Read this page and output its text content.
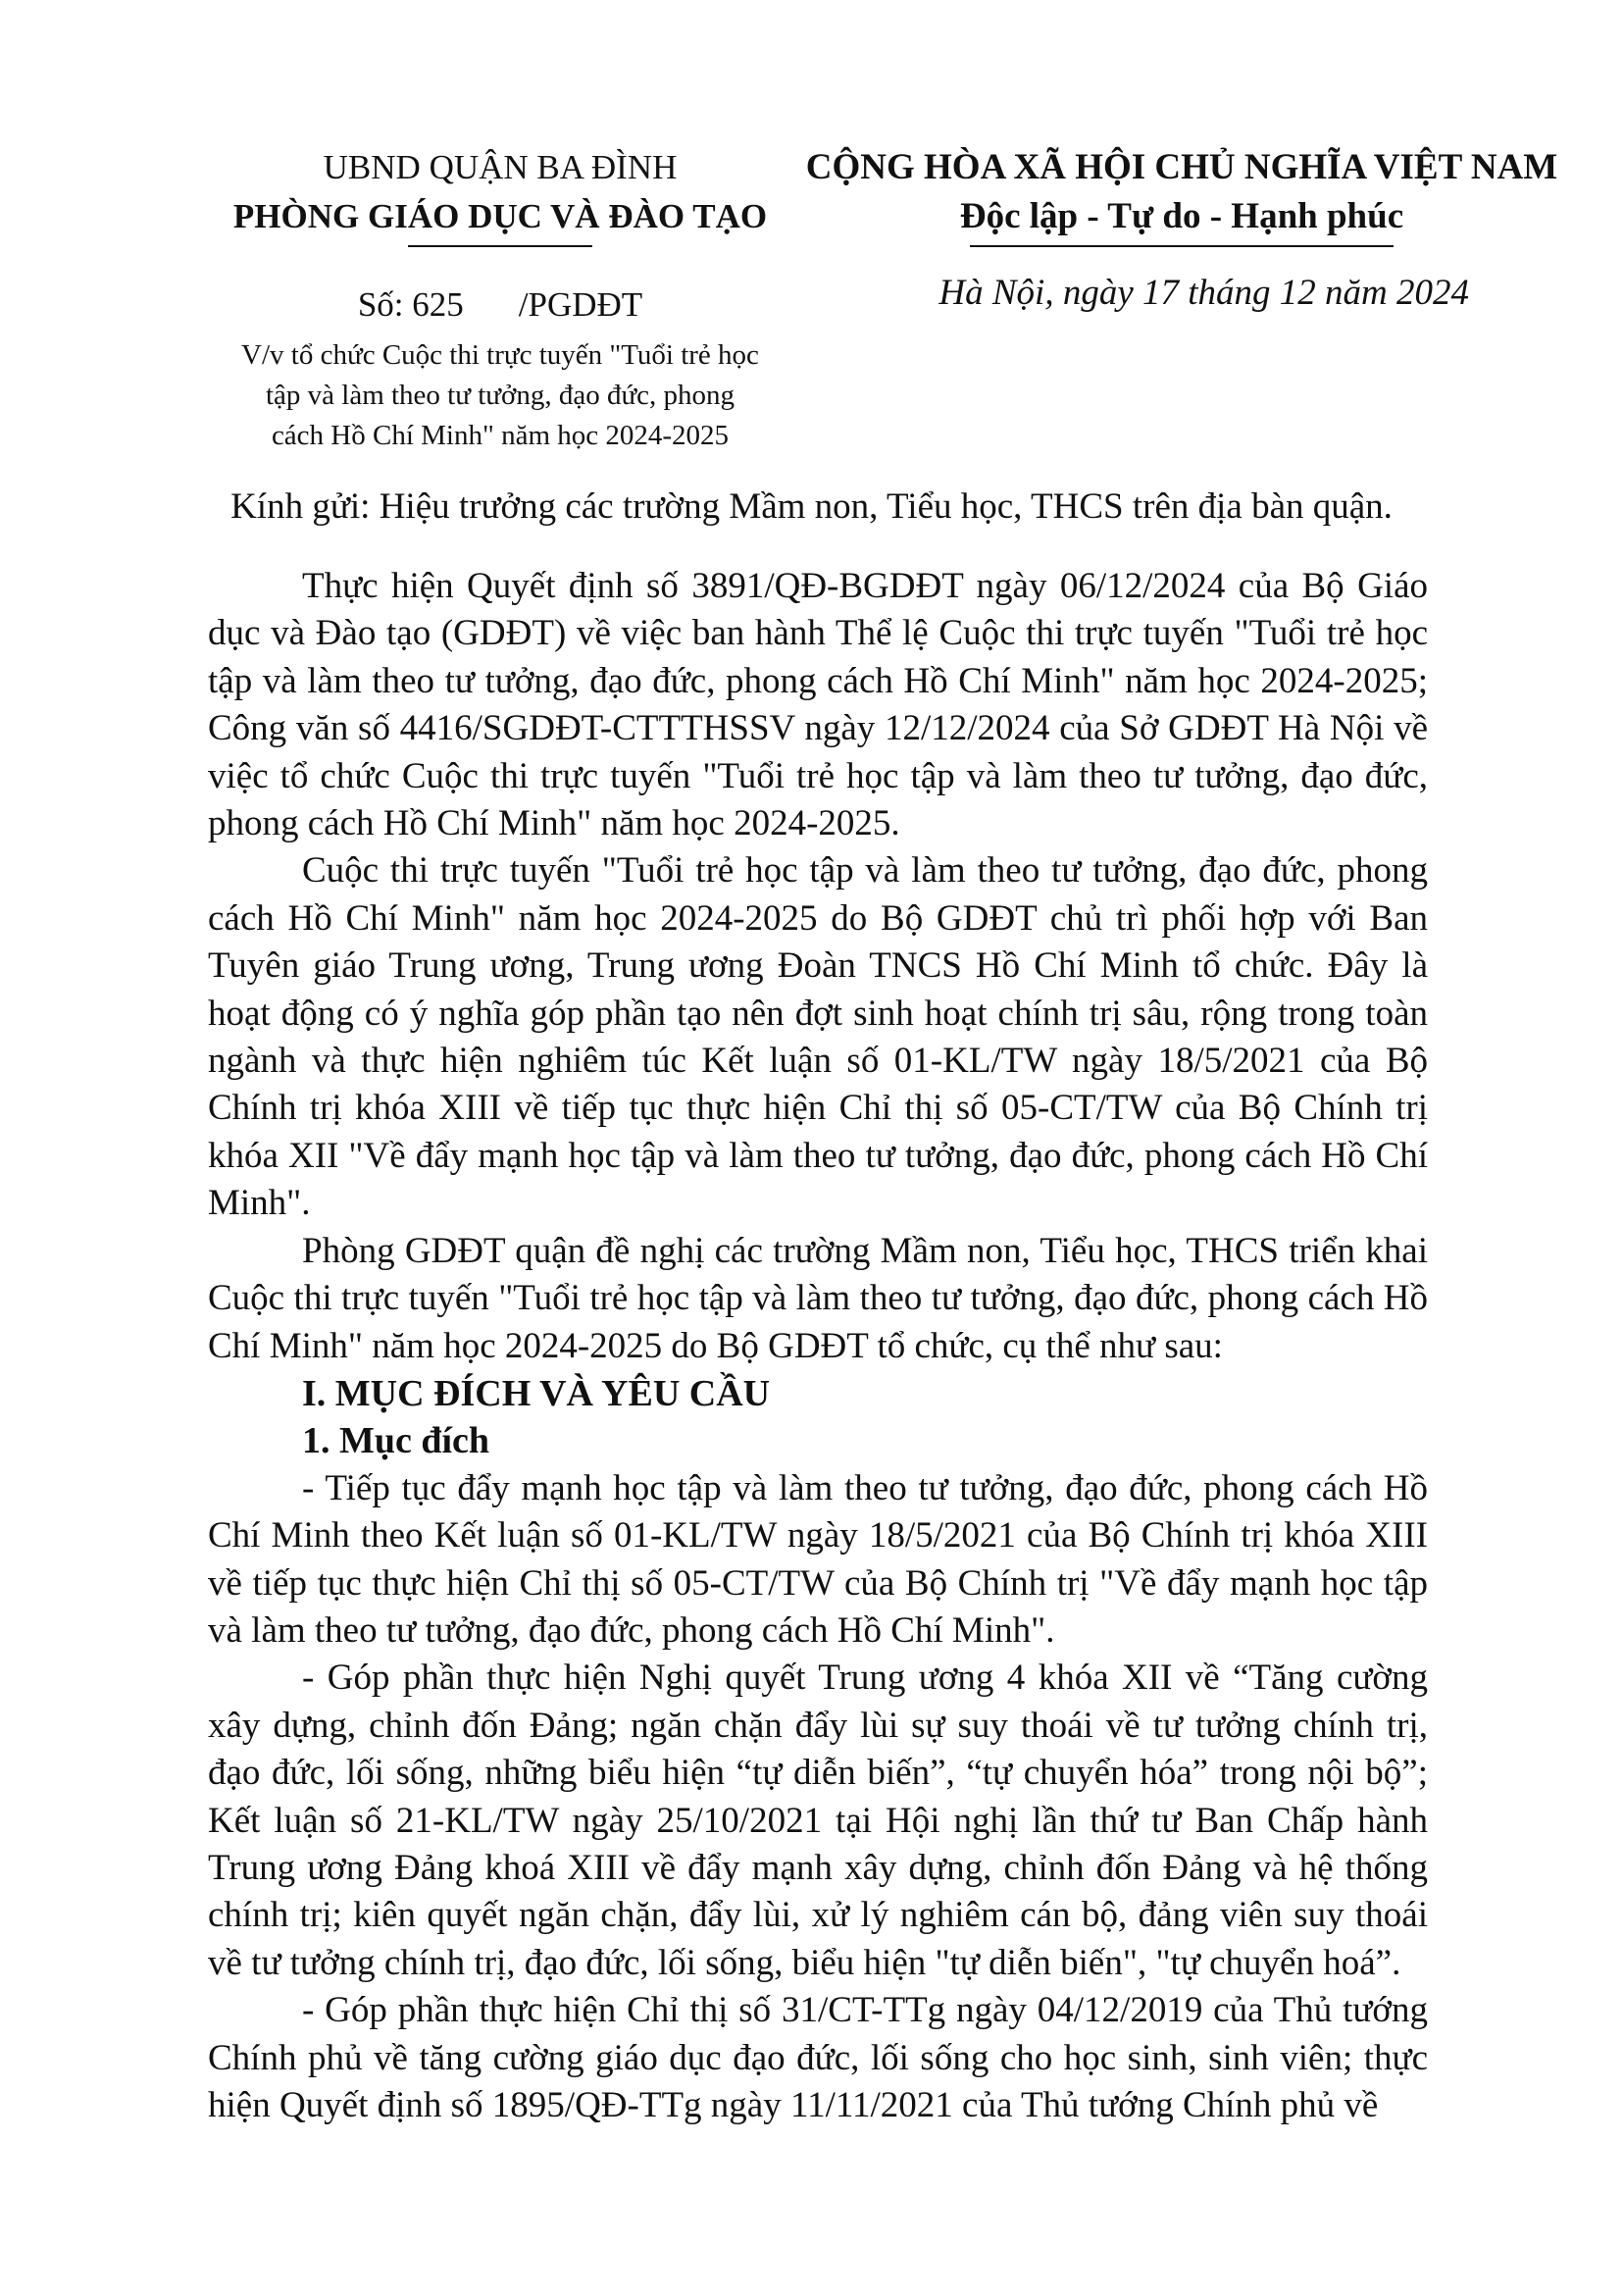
UBND QUẬN BA ĐÌNH
PHÒNG GIÁO DỤC VÀ ĐÀO TẠO
Số: 625 /PGDĐT
V/v tổ chức Cuộc thi trực tuyến "Tuổi trẻ học
tập và làm theo tư tưởng, đạo đức, phong
cách Hồ Chí Minh" năm học 2024-2025
CỘNG HÒA XÃ HỘI CHỦ NGHĨA VIỆT NAM
Độc lập - Tự do - Hạnh phúc
Hà Nội, ngày 17 tháng 12 năm 2024
Kính gửi: Hiệu trưởng các trường Mầm non, Tiểu học, THCS trên địa bàn quận.

Thực hiện Quyết định số 3891/QĐ-BGDĐT ngày 06/12/2024 của Bộ Giáo dục và Đào tạo (GDĐT) về việc ban hành Thể lệ Cuộc thi trực tuyến "Tuổi trẻ học tập và làm theo tư tưởng, đạo đức, phong cách Hồ Chí Minh" năm học 2024-2025; Công văn số 4416/SGDĐT-CTTTHSSV ngày 12/12/2024 của Sở GDĐT Hà Nội về việc tổ chức Cuộc thi trực tuyến "Tuổi trẻ học tập và làm theo tư tưởng, đạo đức, phong cách Hồ Chí Minh" năm học 2024-2025.

Cuộc thi trực tuyến "Tuổi trẻ học tập và làm theo tư tưởng, đạo đức, phong cách Hồ Chí Minh" năm học 2024-2025 do Bộ GDĐT chủ trì phối hợp với Ban Tuyên giáo Trung ương, Trung ương Đoàn TNCS Hồ Chí Minh tổ chức. Đây là hoạt động có ý nghĩa góp phần tạo nên đợt sinh hoạt chính trị sâu, rộng trong toàn ngành và thực hiện nghiêm túc Kết luận số 01-KL/TW ngày 18/5/2021 của Bộ Chính trị khóa XIII về tiếp tục thực hiện Chỉ thị số 05-CT/TW của Bộ Chính trị khóa XII "Về đẩy mạnh học tập và làm theo tư tưởng, đạo đức, phong cách Hồ Chí Minh".

Phòng GDĐT quận đề nghị các trường Mầm non, Tiểu học, THCS triển khai Cuộc thi trực tuyến "Tuổi trẻ học tập và làm theo tư tưởng, đạo đức, phong cách Hồ Chí Minh" năm học 2024-2025 do Bộ GDĐT tổ chức, cụ thể như sau:

I. MỤC ĐÍCH VÀ YÊU CẦU

1. Mục đích

- Tiếp tục đẩy mạnh học tập và làm theo tư tưởng, đạo đức, phong cách Hồ Chí Minh theo Kết luận số 01-KL/TW ngày 18/5/2021 của Bộ Chính trị khóa XIII về tiếp tục thực hiện Chỉ thị số 05-CT/TW của Bộ Chính trị "Về đẩy mạnh học tập và làm theo tư tưởng, đạo đức, phong cách Hồ Chí Minh".

- Góp phần thực hiện Nghị quyết Trung ương 4 khóa XII về “Tăng cường xây dựng, chỉnh đốn Đảng; ngăn chặn đẩy lùi sự suy thoái về tư tưởng chính trị, đạo đức, lối sống, những biểu hiện “tự diễn biến”, “tự chuyển hóa” trong nội bộ”; Kết luận số 21-KL/TW ngày 25/10/2021 tại Hội nghị lần thứ tư Ban Chấp hành Trung ương Đảng khoá XIII về đẩy mạnh xây dựng, chỉnh đốn Đảng và hệ thống chính trị; kiên quyết ngăn chặn, đẩy lùi, xử lý nghiêm cán bộ, đảng viên suy thoái về tư tưởng chính trị, đạo đức, lối sống, biểu hiện "tự diễn biến", "tự chuyển hoá”.

- Góp phần thực hiện Chỉ thị số 31/CT-TTg ngày 04/12/2019 của Thủ tướng Chính phủ về tăng cường giáo dục đạo đức, lối sống cho học sinh, sinh viên; thực hiện Quyết định số 1895/QĐ-TTg ngày 11/11/2021 của Thủ tướng Chính phủ về
